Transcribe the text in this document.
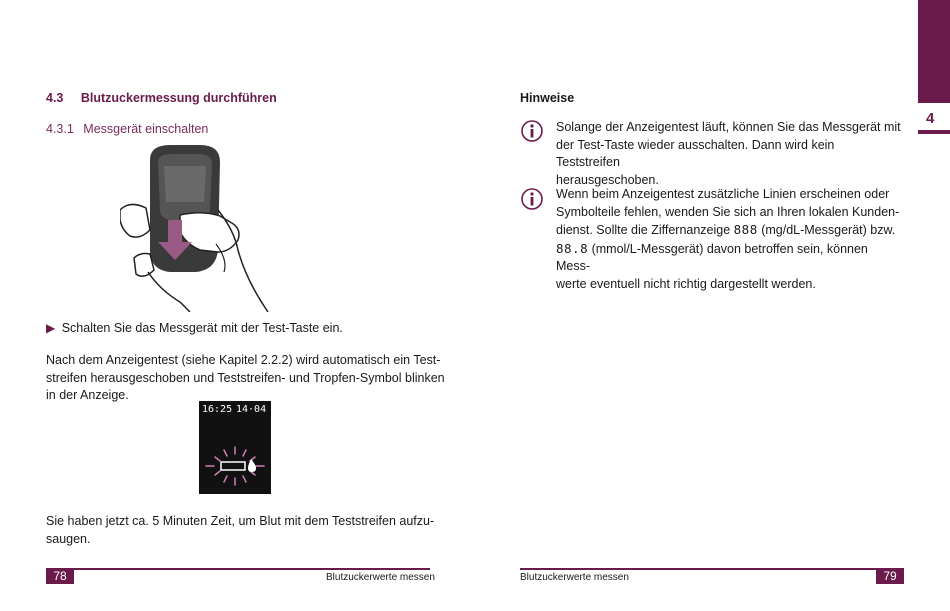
4
4.3 Blutzuckermessung durchführen
4.3.1 Messgerät einschalten
▶ Schalten Sie das Messgerät mit der Test-Taste ein.
Nach dem Anzeigentest (siehe Kapitel 2.2.2) wird automatisch ein Test-
streifen herausgeschoben und Teststreifen- und Tropfen-Symbol blinken
in der Anzeige.
16:25 14·04
Sie haben jetzt ca. 5 Minuten Zeit, um Blut mit dem Teststreifen aufzu-
saugen.
78	Blutzuckerwerte messen
Hinweise
Solange der Anzeigentest läuft, können Sie das Messgerät mit
der Test-Taste wieder ausschalten. Dann wird kein Teststreifen
herausgeschoben.
Wenn beim Anzeigentest zusätzliche Linien erscheinen oder
Symbolteile fehlen, wenden Sie sich an Ihren lokalen Kunden-
dienst. Sollte die Ziffernanzeige 888 (mg/dL-Messgerät) bzw.
88.8 (mmol/L-Messgerät) davon betroffen sein, können Mess-
werte eventuell nicht richtig dargestellt werden.
Blutzuckerwerte messen	79
